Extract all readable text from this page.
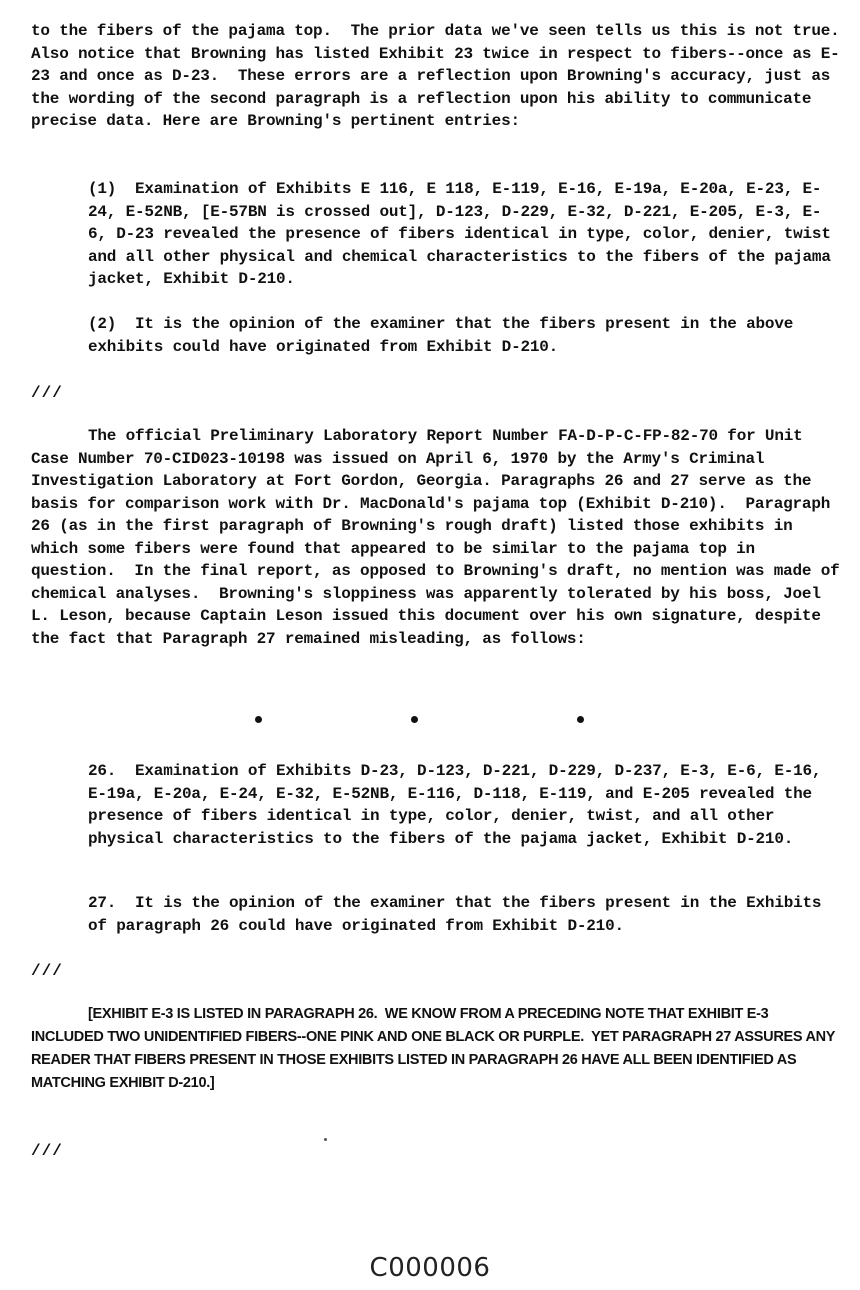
to the fibers of the pajama top.  The prior data we've seen tells us this is not true.  Also notice that Browning has listed Exhibit 23 twice in respect to fibers--once as E-23 and once as D-23.  These errors are a reflection upon Browning's accuracy, just as the wording of the second paragraph is a reflection upon his ability to communicate precise data. Here are Browning's pertinent entries:

(1)  Examination of Exhibits E 116, E 118, E-119, E-16, E-19a, E-20a, E-23, E-24, E-52NB, [E-57BN is crossed out], D-123, D-229, E-32, D-221, E-205, E-3, E-6, D-23 revealed the presence of fibers identical in type, color, denier, twist and all other physical and chemical characteristics to the fibers of the pajama jacket, Exhibit D-210.

(2)  It is the opinion of the examiner that the fibers present in the above exhibits could have originated from Exhibit D-210.

///

The official Preliminary Laboratory Report Number FA-D-P-C-FP-82-70 for Unit Case Number 70-CID023-10198 was issued on April 6, 1970 by the Army's Criminal Investigation Laboratory at Fort Gordon, Georgia. Paragraphs 26 and 27 serve as the basis for comparison work with Dr. MacDonald's pajama top (Exhibit D-210).  Paragraph 26 (as in the first paragraph of Browning's rough draft) listed those exhibits in which some fibers were found that appeared to be similar to the pajama top in question.  In the final report, as opposed to Browning's draft, no mention was made of chemical analyses.  Browning's sloppiness was apparently tolerated by his boss, Joel L. Leson, because Captain Leson issued this document over his own signature, despite the fact that Paragraph 27 remained misleading, as follows:

26.  Examination of Exhibits D-23, D-123, D-221, D-229, D-237, E-3, E-6, E-16, E-19a, E-20a, E-24, E-32, E-52NB, E-116, D-118, E-119, and E-205 revealed the presence of fibers identical in type, color, denier, twist, and all other physical characteristics to the fibers of the pajama jacket, Exhibit D-210.

27.  It is the opinion of the examiner that the fibers present in the Exhibits of paragraph 26 could have originated from Exhibit D-210.

///

[EXHIBIT E-3 IS LISTED IN PARAGRAPH 26.  WE KNOW FROM A PRECEDING NOTE THAT EXHIBIT E-3 INCLUDED TWO UNIDENTIFIED FIBERS--ONE PINK AND ONE BLACK OR PURPLE.  YET PARAGRAPH 27 ASSURES ANY READER THAT FIBERS PRESENT IN THOSE EXHIBITS LISTED IN PARAGRAPH 26 HAVE ALL BEEN IDENTIFIED AS MATCHING EXHIBIT D-210.]

///

C000006
